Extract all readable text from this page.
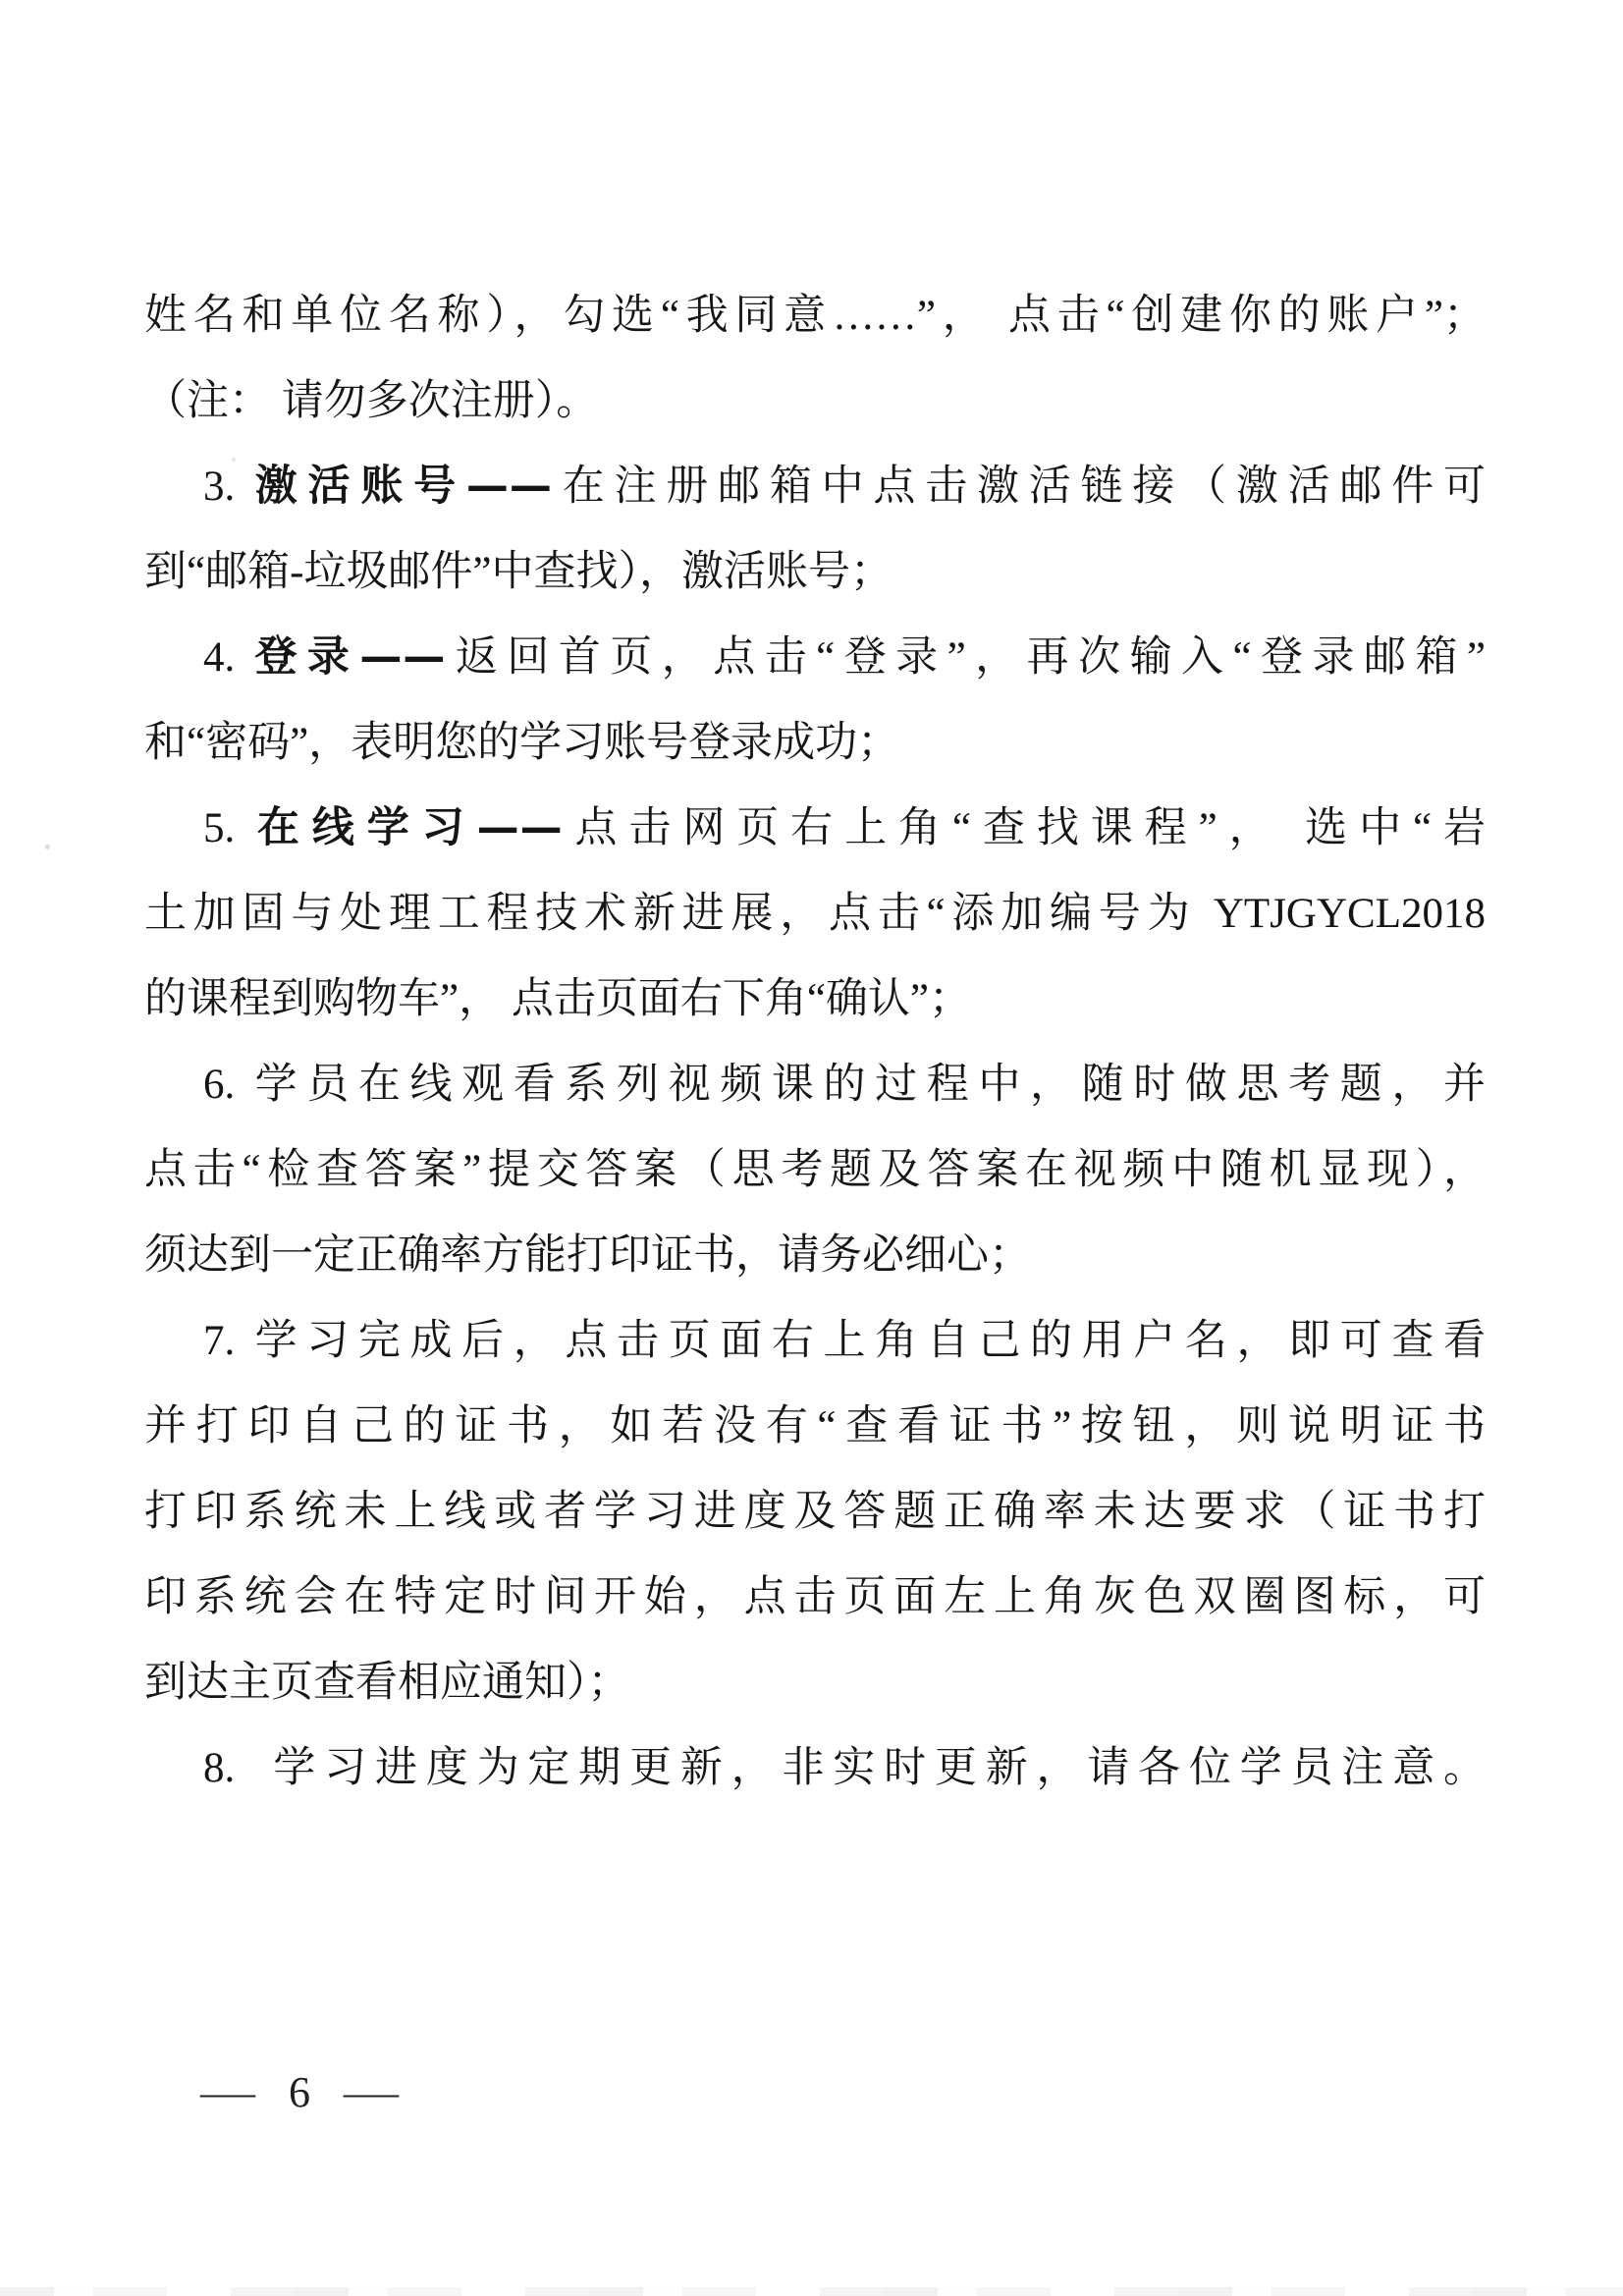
姓名和单位名称），勾选“我同意……”， 点击“创建你的账户”；
（注： 请勿多次注册）。
3. 激活账号——在注册邮箱中点击激活链接（激活邮件可
到“邮箱-垃圾邮件”中查找），激活账号；
4. 登录——返回首页，点击“登录”，再次输入“登录邮箱”
和“密码”，表明您的学习账号登录成功；
5. 在线学习——点击网页右上角“查找课程”， 选中“岩
土加固与处理工程技术新进展，点击“添加编号为 YTJGYCL2018
的课程到购物车”， 点击页面右下角“确认”；
6. 学员在线观看系列视频课的过程中，随时做思考题，并
点击“检查答案”提交答案（思考题及答案在视频中随机显现），
须达到一定正确率方能打印证书，请务必细心；
7. 学习完成后，点击页面右上角自己的用户名，即可查看
并打印自己的证书，如若没有“查看证书”按钮，则说明证书
打印系统未上线或者学习进度及答题正确率未达要求（证书打
印系统会在特定时间开始，点击页面左上角灰色双圈图标，可
到达主页查看相应通知）；
8.  学习进度为定期更新，非实时更新，请各位学员注意。
— 6 —
